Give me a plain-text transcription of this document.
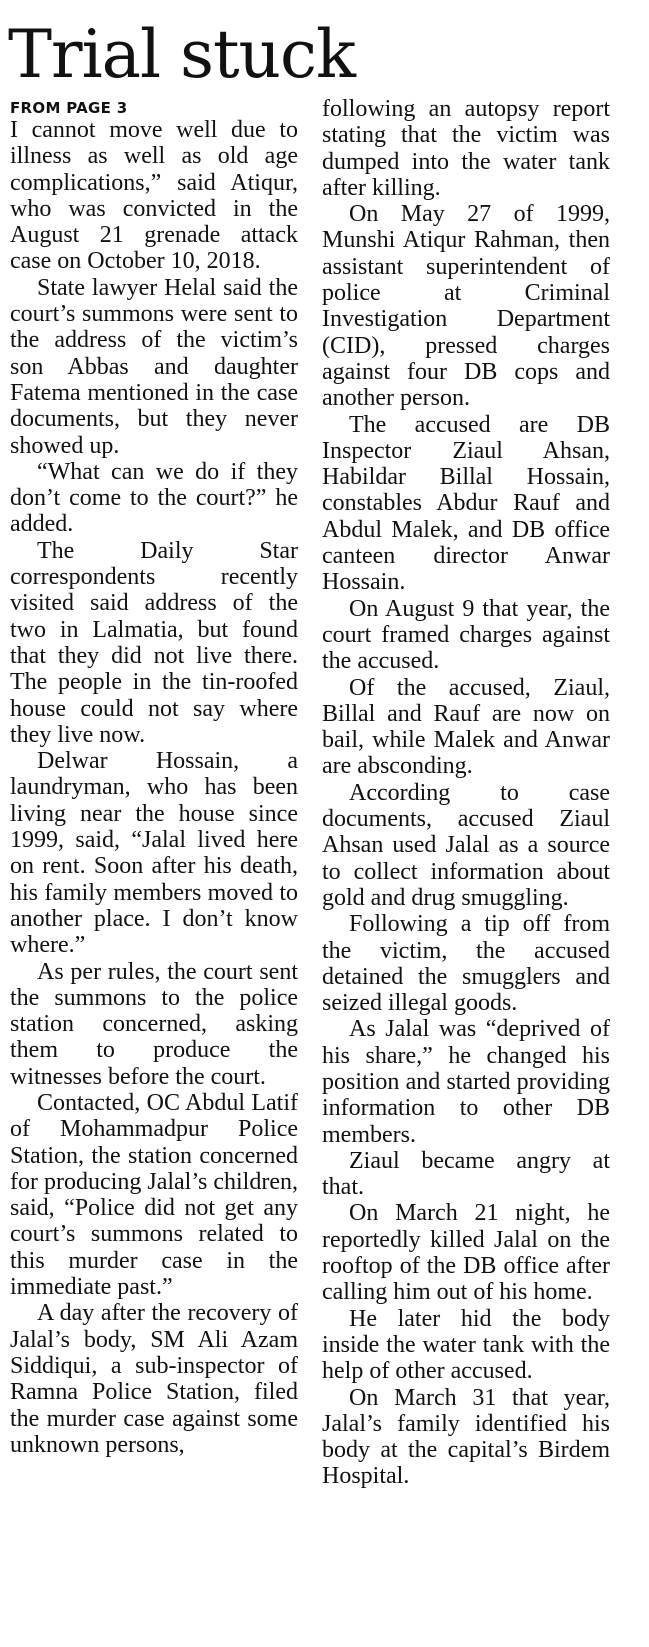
Trial stuck
FROM PAGE 3

I cannot move well due to illness as well as old age complications,” said Atiqur, who was convicted in the August 21 grenade attack case on October 10, 2018.

State lawyer Helal said the court’s summons were sent to the address of the victim’s son Abbas and daughter Fatema mentioned in the case documents, but they never showed up.

“What can we do if they don’t come to the court?” he added.

The Daily Star correspondents recently visited said address of the two in Lalmatia, but found that they did not live there. The people in the tin-roofed house could not say where they live now.

Delwar Hossain, a laundryman, who has been living near the house since 1999, said, “Jalal lived here on rent. Soon after his death, his family members moved to another place. I don’t know where.”

As per rules, the court sent the summons to the police station concerned, asking them to produce the witnesses before the court.

Contacted, OC Abdul Latif of Mohammadpur Police Station, the station concerned for producing Jalal’s children, said, “Police did not get any court’s summons related to this murder case in the immediate past.”

A day after the recovery of Jalal’s body, SM Ali Azam Siddiqui, a sub-inspector of Ramna Police Station, filed the murder case against some unknown persons,

following an autopsy report stating that the victim was dumped into the water tank after killing.

On May 27 of 1999, Munshi Atiqur Rahman, then assistant superintendent of police at Criminal Investigation Department (CID), pressed charges against four DB cops and another person.

The accused are DB Inspector Ziaul Ahsan, Habildar Billal Hossain, constables Abdur Rauf and Abdul Malek, and DB office canteen director Anwar Hossain.

On August 9 that year, the court framed charges against the accused.

Of the accused, Ziaul, Billal and Rauf are now on bail, while Malek and Anwar are absconding.

According to case documents, accused Ziaul Ahsan used Jalal as a source to collect information about gold and drug smuggling.

Following a tip off from the victim, the accused detained the smugglers and seized illegal goods.

As Jalal was “deprived of his share,” he changed his position and started providing information to other DB members.

Ziaul became angry at that.

On March 21 night, he reportedly killed Jalal on the rooftop of the DB office after calling him out of his home.

He later hid the body inside the water tank with the help of other accused.

On March 31 that year, Jalal’s family identified his body at the capital’s Birdem Hospital.
